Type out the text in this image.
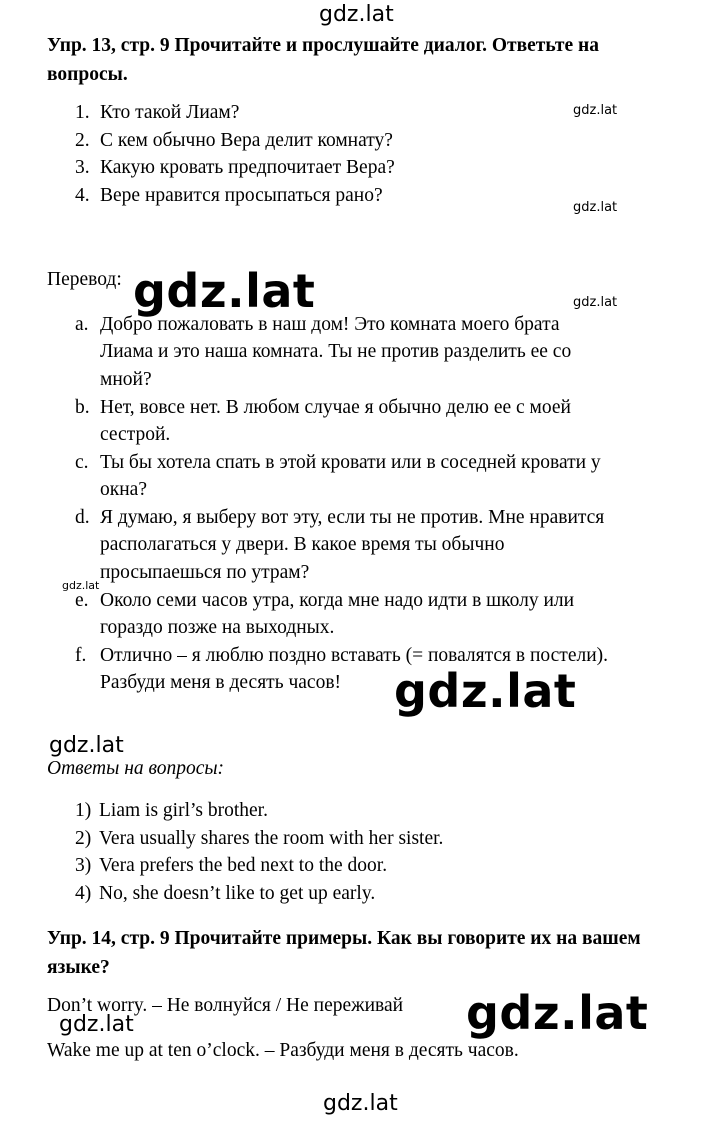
gdz.lat
gdz.lat
gdz.lat
gdz.lat	gdz.lat
gdz.lat
gdz.lat
gdz.lat
gdz.lat
gdz.lat
gdz.lat
Упр. 13, стр. 9 Прочитайте и прослушайте диалог. Ответьте на вопросы.
1. Кто такой Лиам?
2. С кем обычно Вера делит комнату?
3. Какую кровать предпочитает Вера?
4. Вере нравится просыпаться рано?
Перевод:
a. Добро пожаловать в наш дом! Это комната моего брата
Лиама и это наша комната. Ты не против разделить ее со
мной?
b. Нет, вовсе нет. В любом случае я обычно делю ее с моей
сестрой.
c. Ты бы хотела спать в этой кровати или в соседней кровати у
окна?
d. Я думаю, я выберу вот эту, если ты не против. Мне нравится
располагаться у двери. В какое время ты обычно
просыпаешься по утрам?
e. Около семи часов утра, когда мне надо идти в школу или
гораздо позже на выходных.
f. Отлично – я люблю поздно вставать (= повалятся в постели).
Разбуди меня в десять часов!
Ответы на вопросы:
1) Liam is girl’s brother.
2) Vera usually shares the room with her sister.
3) Vera prefers the bed next to the door.
4) No, she doesn’t like to get up early.
Упр. 14, стр. 9 Прочитайте примеры. Как вы говорите их на вашем языке?
Don’t worry. – Не волнуйся / Не переживай
Wake me up at ten o’clock. – Разбуди меня в десять часов.
